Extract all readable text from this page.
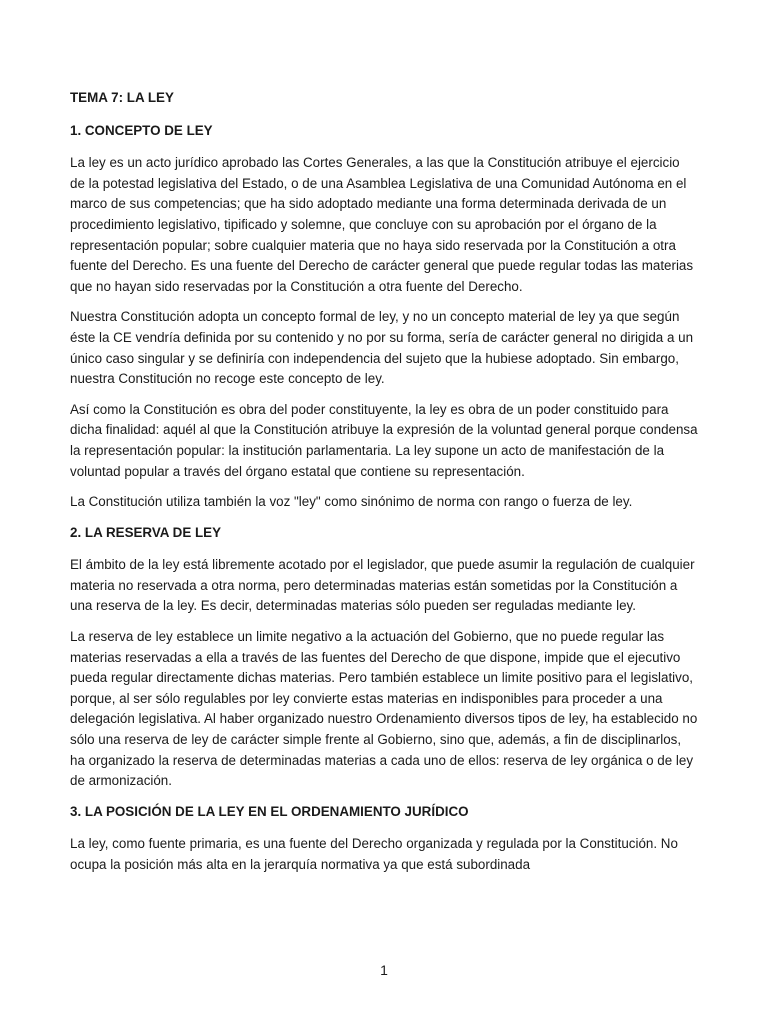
TEMA 7: LA LEY
1. CONCEPTO DE LEY

La ley es un acto jurídico aprobado las Cortes Generales, a las que la Constitución atribuye el ejercicio de la potestad legislativa del Estado, o de una Asamblea Legislativa de una Comunidad Autónoma en el marco de sus competencias; que ha sido adoptado mediante una forma determinada derivada de un procedimiento legislativo, tipificado y solemne, que concluye con su aprobación por el órgano de la representación popular; sobre cualquier materia que no haya sido reservada por la Constitución a otra fuente del Derecho. Es una fuente del Derecho de carácter general que puede regular todas las materias que no hayan sido reservadas por la Constitución a otra fuente del Derecho.

Nuestra Constitución adopta un concepto formal de ley, y no un concepto material de ley ya que según éste la CE vendría definida por su contenido y no por su forma, sería de carácter general no dirigida a un único caso singular y se definiría con independencia del sujeto que la hubiese adoptado. Sin embargo, nuestra Constitución no recoge este concepto de ley.

Así como la Constitución es obra del poder constituyente, la ley es obra de un poder constituido para dicha finalidad: aquél al que la Constitución atribuye la expresión de la voluntad general porque condensa la representación popular: la institución parlamentaria. La ley supone un acto de manifestación de la voluntad popular a través del órgano estatal que contiene su representación.

La Constitución utiliza también la voz "ley" como sinónimo de norma con rango o fuerza de ley.

2. LA RESERVA DE LEY

El ámbito de la ley está libremente acotado por el legislador, que puede asumir la regulación de cualquier materia no reservada a otra norma, pero determinadas materias están sometidas por la Constitución a una reserva de la ley. Es decir, determinadas materias sólo pueden ser reguladas mediante ley.

La reserva de ley establece un limite negativo a la actuación del Gobierno, que no puede regular las materias reservadas a ella a través de las fuentes del Derecho de que dispone, impide que el ejecutivo pueda regular directamente dichas materias. Pero también establece un limite positivo para el legislativo, porque, al ser sólo regulables por ley convierte estas materias en indisponibles para proceder a una delegación legislativa. Al haber organizado nuestro Ordenamiento diversos tipos de ley, ha establecido no sólo una reserva de ley de carácter simple frente al Gobierno, sino que, además, a fin de disciplinarlos, ha organizado la reserva de determinadas materias a cada uno de ellos: reserva de ley orgánica o de ley de armonización.

3. LA POSICIÓN DE LA LEY EN EL ORDENAMIENTO JURÍDICO

La ley, como fuente primaria, es una fuente del Derecho organizada y regulada por la Constitución. No ocupa la posición más alta en la jerarquía normativa ya que está subordinada

1
